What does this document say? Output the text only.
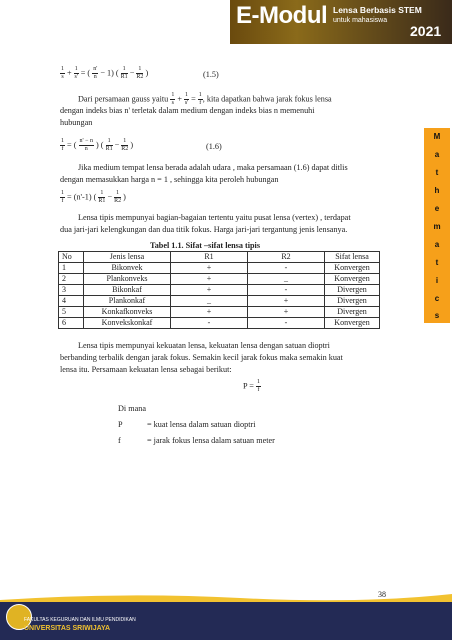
E-Modul Lensa Berbasis STEM
untuk mahasiswa
2021
$\frac{1}{s} + \frac{1}{s'}$ = ( $\frac{n'}{n} - 1$) ( $\frac{1}{R1} - \frac{1}{R2}$ )	(1.5)
Dari persamaan gauss yaitu $\frac{1}{s} + \frac{1}{s'} = \frac{1}{f}$ , kita dapatkan bahwa jarak fokus lensa
dengan indeks bias n' terletak dalam medium dengan indeks bias n memenuhi
hubungan
$\frac{1}{f}$ = ( $\frac{n' - n}{n}$ ) ( $\frac{1}{R1} - \frac{1}{R2}$ )	(1.6)
Jika medium tempat lensa berada adalah udara , maka persamaan (1.6) dapat ditlis
dengan memasukkan harga n = 1 , sehingga kita peroleh hubungan
$\frac{1}{f} = (n'-1)$ ( $\frac{1}{R1} - \frac{1}{R2}$ )
Lensa tipis mempunyai bagian-bagaian tertentu yaitu pusat lensa (vertex) , terdapat
dua jari-jari kelengkungan dan dua titik fokus. Harga jari-jari tergantung jenis lensanya.
Tabel 1.1. Sifat –sifat lensa tipis
No	Jenis lensa	R1	R2	Sifat lensa
1	Bikonvek	+	-	Konvergen
2	Plankonveks	+	_	Konvergen
3	Bikonkaf	+	-	Divergen
4	Plankonkaf	_	+	Divergen
5	Konkafkonveks	+	+	Divergen
6	Konvekskonkaf	-	-	Konvergen
M
a
t
h
e
m
a
t
i
c
s
Lensa tipis mempunyai kekuatan lensa, kekuatan lensa dengan satuan dioptri
berbanding terbalik dengan jarak fokus. Semakin kecil jarak fokus maka semakin kuat
lensa itu. Persamaan kekuatan lensa sebagai berikut:
$P = \frac{1}{f}$
Di mana
P	= kuat lensa dalam satuan dioptri
f	= jarak fokus lensa dalam satuan meter
38
FAKULTAS KEGURUAN DAN ILMU PENDIDIKAN
UNIVERSITAS SRIWIJAYA
